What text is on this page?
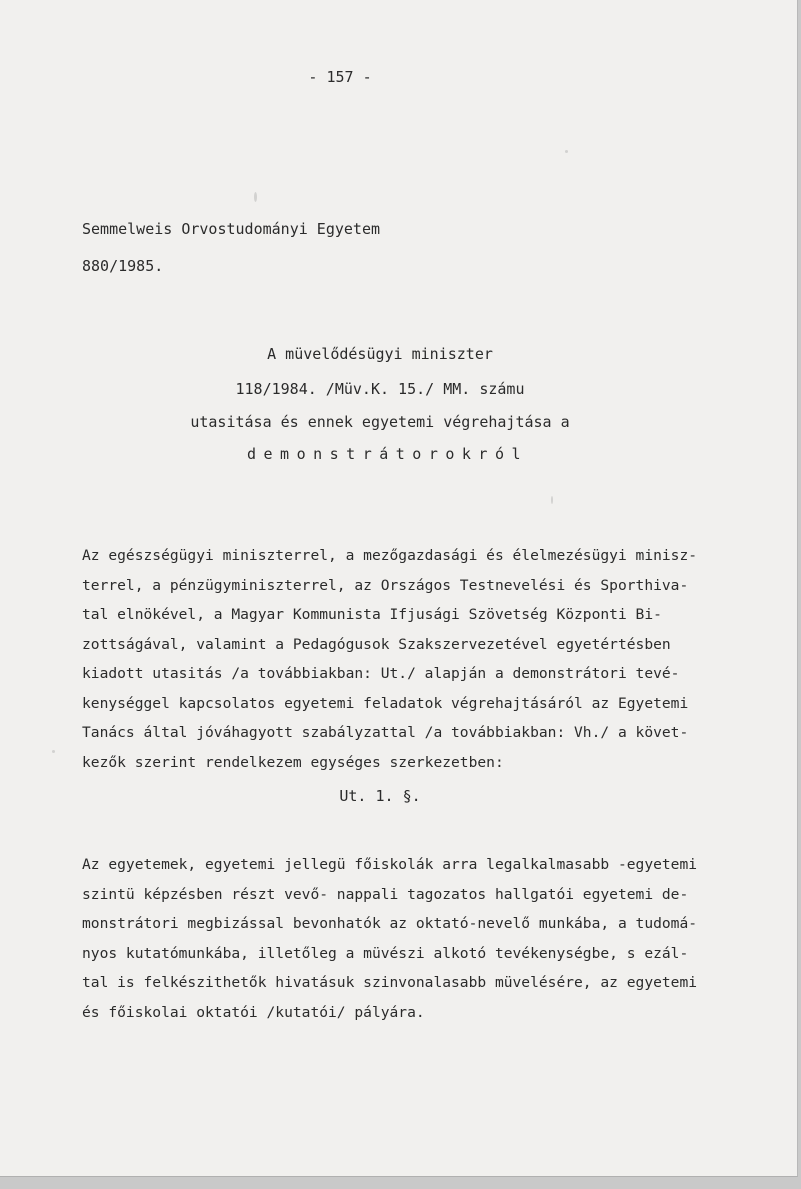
- 157 -
Semmelweis Orvostudományi Egyetem
880/1985.
A müvelődésügyi miniszter
118/1984. /Müv.K. 15./ MM. számu
utasitása és ennek egyetemi végrehajtása a
demonstrátorokról
Az egészségügyi miniszterrel, a mezőgazdasági és élelmezésügyi minisz-
terrel, a pénzügyminiszterrel, az Országos Testnevelési és Sporthiva-
tal elnökével, a Magyar Kommunista Ifjusági Szövetség Központi Bi-
zottságával, valamint a Pedagógusok Szakszervezetével egyetértésben
kiadott utasitás /a továbbiakban: Ut./ alapján a demonstrátori tevé-
kenységgel kapcsolatos egyetemi feladatok végrehajtásáról az Egyetemi
Tanács által jóváhagyott szabályzattal /a továbbiakban: Vh./ a követ-
kezők szerint rendelkezem egységes szerkezetben:
Ut. 1. §.
Az egyetemek, egyetemi jellegü főiskolák arra legalkalmasabb -egyetemi
szintü képzésben részt vevő- nappali tagozatos hallgatói egyetemi de-
monstrátori megbizással bevonhatók az oktató-nevelő munkába, a tudomá-
nyos kutatómunkába, illetőleg a müvészi alkotó tevékenységbe, s ezál-
tal is felkészithetők hivatásuk szinvonalasabb müvelésére, az egyetemi
és főiskolai oktatói /kutatói/ pályára.
